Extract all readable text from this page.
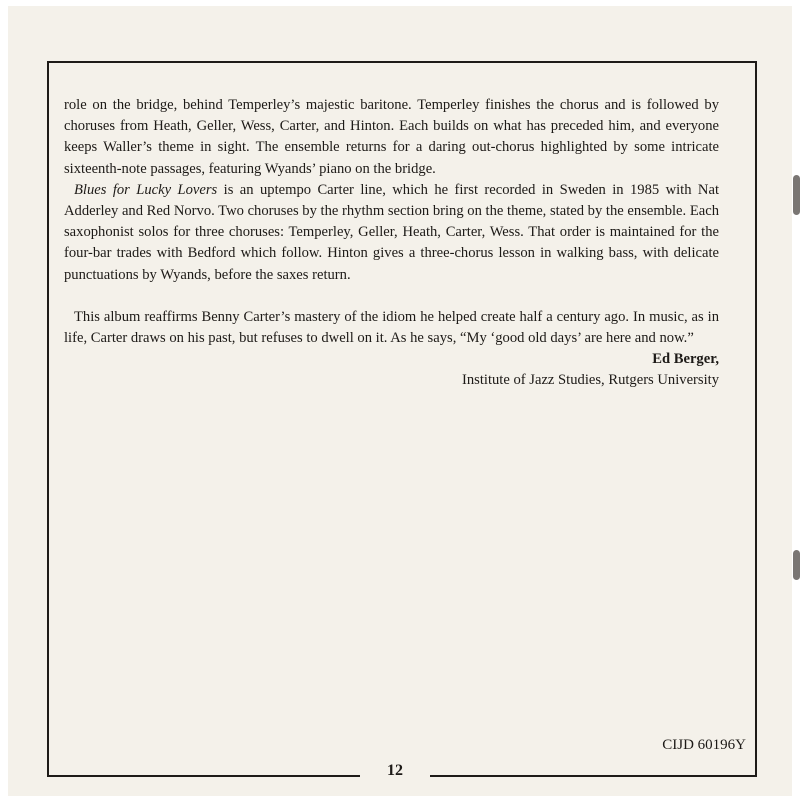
role on the bridge, behind Temperley’s majestic baritone. Temperley finishes the chorus and is followed by choruses from Heath, Geller, Wess, Carter, and Hinton. Each builds on what has preceded him, and everyone keeps Waller’s theme in sight. The ensemble returns for a daring out-chorus highlighted by some intricate sixteenth-note passages, featuring Wyands’ piano on the bridge.

Blues for Lucky Lovers is an uptempo Carter line, which he first recorded in Sweden in 1985 with Nat Adderley and Red Norvo. Two choruses by the rhythm section bring on the theme, stated by the ensemble. Each saxophonist solos for three choruses: Temperley, Geller, Heath, Carter, Wess. That order is maintained for the four-bar trades with Bedford which follow. Hinton gives a three-chorus lesson in walking bass, with delicate punctuations by Wyands, before the saxes return.

This album reaffirms Benny Carter’s mastery of the idiom he helped create half a century ago. In music, as in life, Carter draws on his past, but refuses to dwell on it. As he says, “My ‘good old days’ are here and now.”

Ed Berger,
Institute of Jazz Studies, Rutgers University
CIJD 60196Y
12
